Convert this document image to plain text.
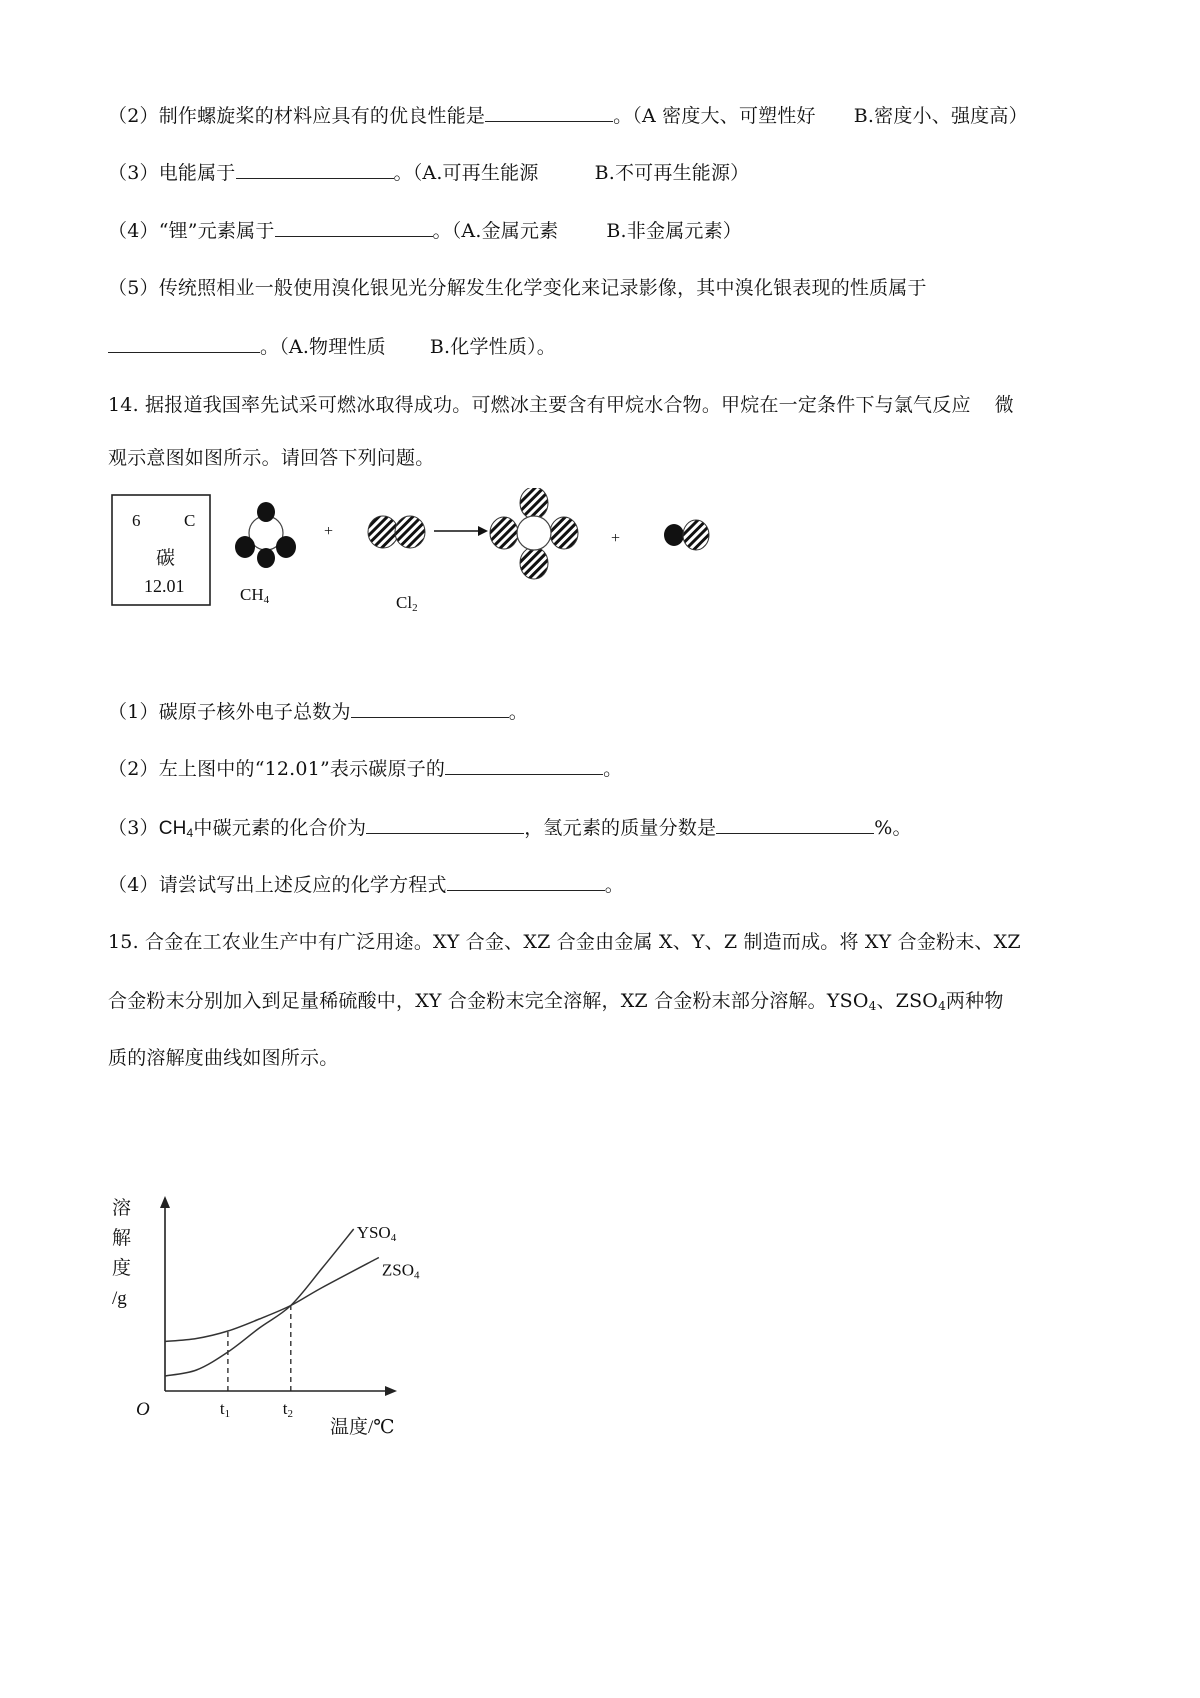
（2）制作螺旋桨的材料应具有的优良性能是	。（A 密度大、可塑性好 B.密度小、强度高）
（3）电能属于	。（A.可再生能源	B.不可再生能源）
（4）“锂”元素属于	。（A.金属元素	B.非金属元素）
（5）传统照相业一般使用溴化银见光分解发生化学变化来记录影像，其中溴化银表现的性质属于
。（A.物理性质 B.化学性质）。
14. 据报道我国率先试采可燃冰取得成功。可燃冰主要含有甲烷水合物。甲烷在一定条件下与氯气反应 微
观示意图如图所示。请回答下列问题。
6	C
碳
12.01	CH4
+
Cl2
+
（1）碳原子核外电子总数为	。
（2）左上图中的“12.01”表示碳原子的	。
$(3)CH_4$中碳元素的化合价为	，氢元素的质量分数是	%。
（4）请尝试写出上述反应的化学方程式	。
15. 合金在工农业生产中有广泛用途。XY 合金、XZ 合金由金属 X、Y、Z 制造而成。将 XY 合金粉末、XZ
合金粉末分别加入到足量稀硫酸中，XY 合金粉末完全溶解，XZ 合金粉末部分溶解。$YSO_4$、$ZSO_4$两种物
质的溶解度曲线如图所示。
溶
解
度
/g
O
温度/℃
YSO4
ZSO4
t1	t2
